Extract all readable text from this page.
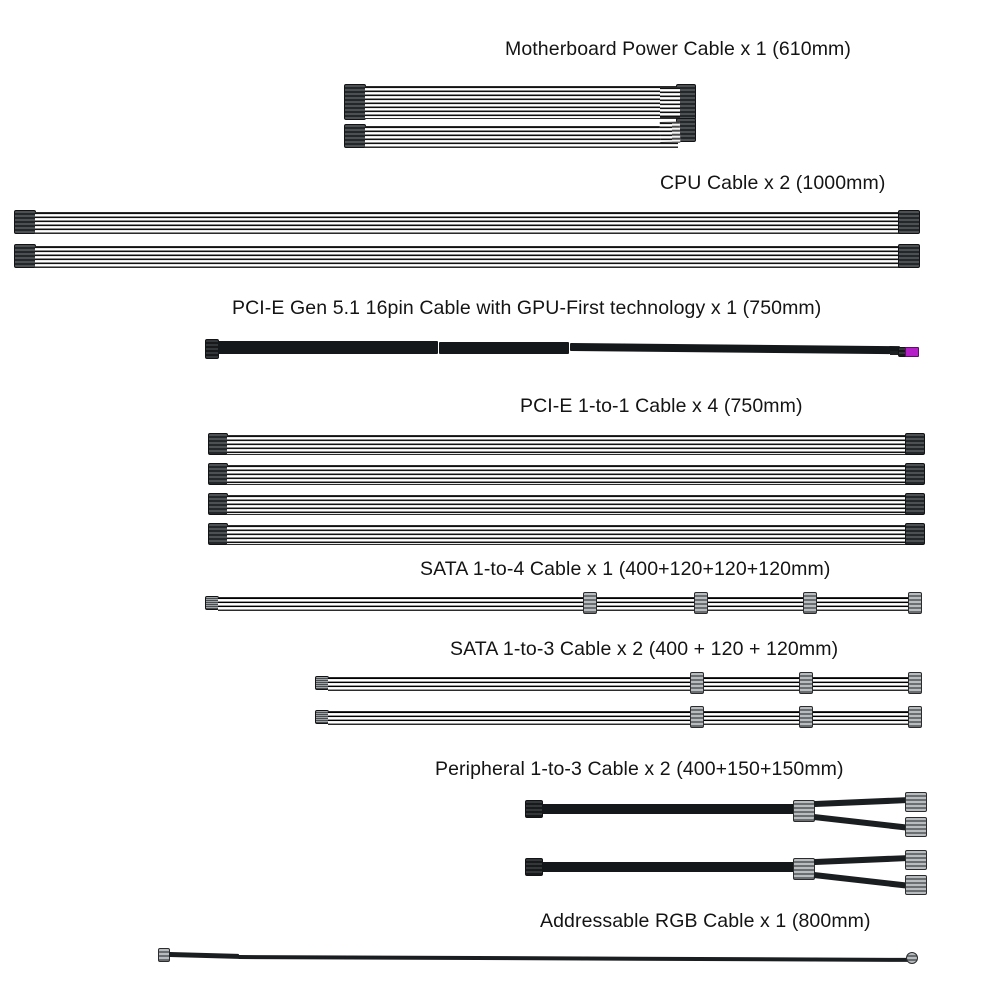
Motherboard Power Cable x 1 (610mm)
CPU Cable x 2 (1000mm)
PCI-E Gen 5.1 16pin Cable with GPU-First technology x 1 (750mm)
PCI-E 1-to-1 Cable x 4 (750mm)
SATA 1-to-4 Cable x 1 (400+120+120+120mm)
SATA 1-to-3 Cable x 2 (400 + 120 + 120mm)
Peripheral 1-to-3 Cable x 2 (400+150+150mm)
Addressable RGB Cable x 1 (800mm)
